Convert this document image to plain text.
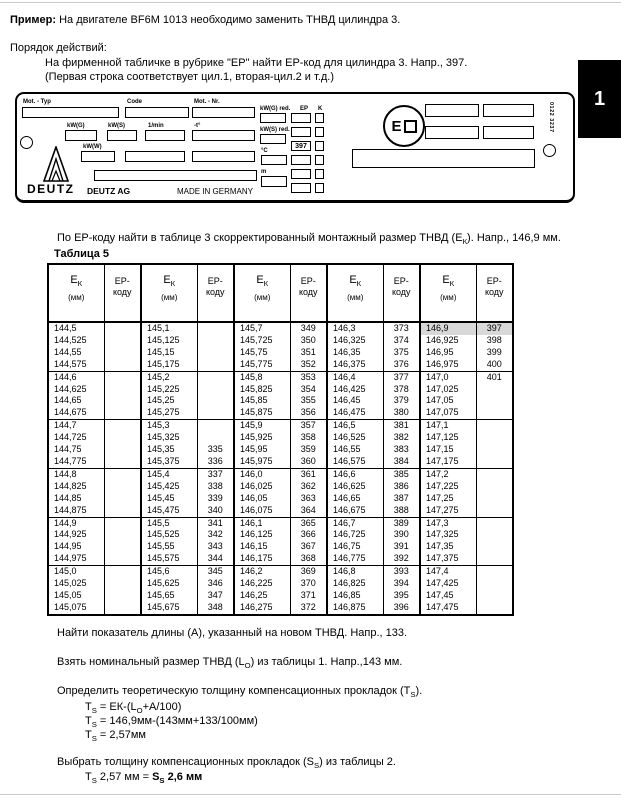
Пример: На двигателе BF6M 1013 необходимо заменить ТНВД цилиндра 3.
Порядок действий:
На фирменной табличке в рубрике "EP" найти EP-код для цилиндра 3. Напр., 397.
(Первая строка соответствует цил.1, вторая-цил.2 и т.д.)
1
Mot. - Typ	Code	Mot. - Nr.
kW(G)	kW(S)	1/min	-t°
kW(W)
kW(G) red.
kW(S) red.
°C
m
EP
397
K
E	0122 3237
DEUTZ DEUTZ AG	MADE IN GERMANY
По EP-коду найти в таблице 3 скорректированный монтажный размер ТНВД $(E_К)$. Напр., 146,9 мм.
Таблица 5
$E_К$
(мм)

EP-
коду

$E_К$
(мм)

EP-
коду

$E_К$
(мм)

EP-
коду

$E_К$
(мм)

EP-
коду

$E_К$
(мм)

EP-
коду

144,5		145,1		145,7	349	146,3	373	146,9	397
144,525		145,125		145,725	350	146,325	374	146,925	398
144,55		145,15		145,75	351	146,35	375	146,95	399
144,575		145,175		145,775	352	146,375	376	146,975	400
144,6		145,2		145,8	353	146,4	377	147,0	401
144,625		145,225		145,825	354	146,425	378	147,025	
144,65		145,25		145,85	355	146,45	379	147,05	
144,675		145,275		145,875	356	146,475	380	147,075	
144,7		145,3		145,9	357	146,5	381	147,1	
144,725		145,325		145,925	358	146,525	382	147,125	
144,75		145,35	335	145,95	359	146,55	383	147,15	
144,775		145,375	336	145,975	360	146,575	384	147,175	
144,8		145,4	337	146,0	361	146,6	385	147,2	
144,825		145,425	338	146,025	362	146,625	386	147,225	
144,85		145,45	339	146,05	363	146,65	387	147,25	
144,875		145,475	340	146,075	364	146,675	388	147,275	
144,9		145,5	341	146,1	365	146,7	389	147,3	
144,925		145,525	342	146,125	366	146,725	390	147,325	
144,95		145,55	343	146,15	367	146,75	391	147,35	
144,975		145,575	344	146,175	368	146,775	392	147,375	
145,0		145,6	345	146,2	369	146,8	393	147,4	
145,025		145,625	346	146,225	370	146,825	394	147,425	
145,05		145,65	347	146,25	371	146,85	395	147,45	
145,075		145,675	348	146,275	372	146,875	396	147,475	
Найти показатель длины (A), указанный на новом ТНВД. Напр., 133.
Взять номинальный размер ТНВД $(L_О)$ из таблицы 1. Напр.,143 мм.
Определить теоретическую толщину компенсационных прокладок $(T_S)$.
$T_S = EК-(L_О+A/100)$
$T_S = 146,9мм-(143мм+133/100мм)$
$T_S = 2,57мм$
Выбрать толщину компенсационных прокладок $(S_S)$ из таблицы 2.
$T_S$ 2,57 мм = $S_S$ 2,6 мм
